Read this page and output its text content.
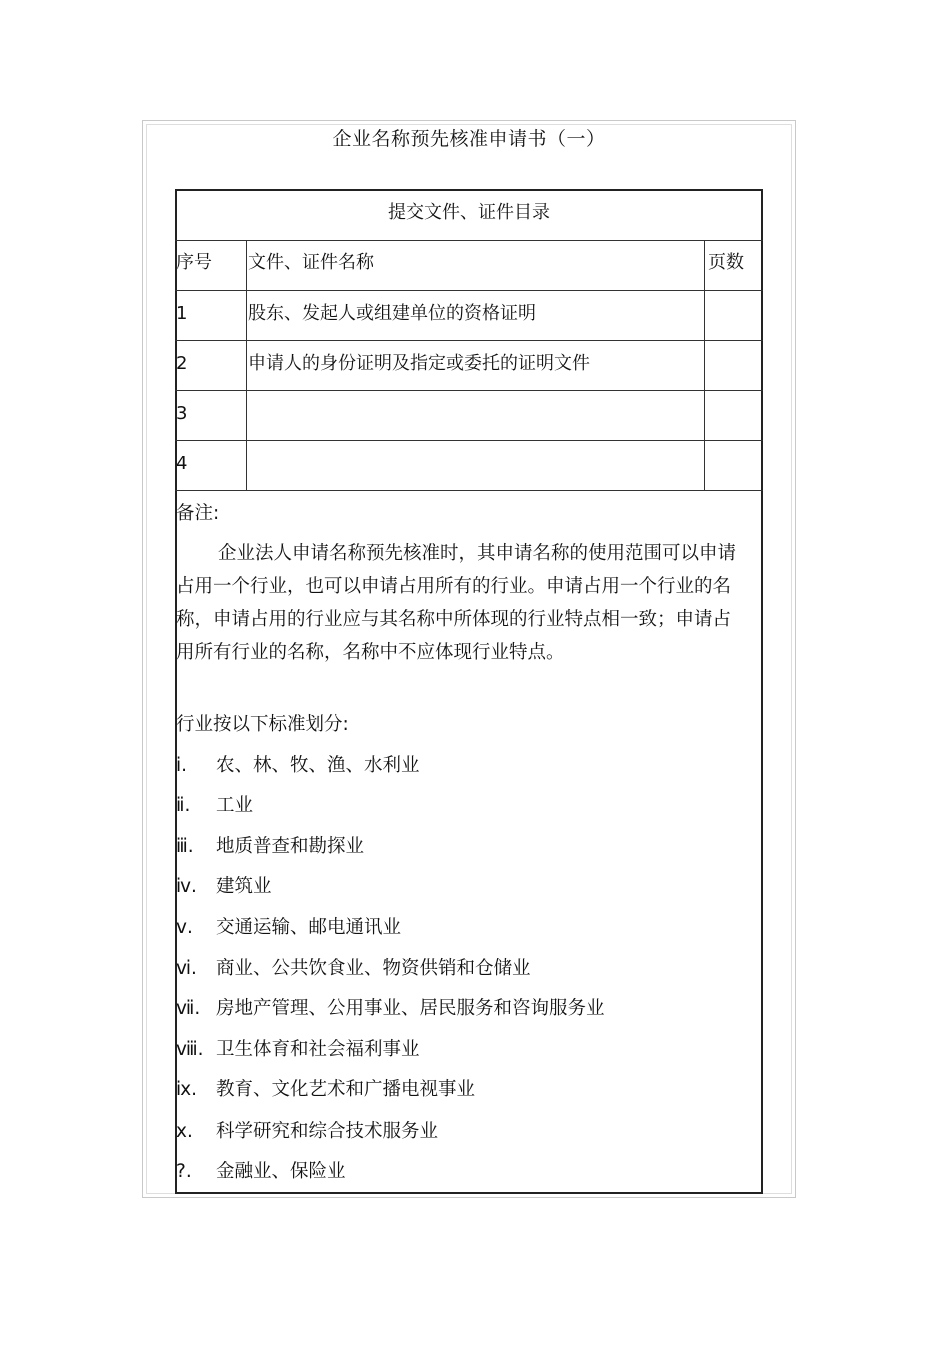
企业名称预先核准申请书（一）
提交文件、证件目录
序号 文件、证件名称	页数
1	股东、发起人或组建单位的资格证明
2	申请人的身份证明及指定或委托的证明文件
3
4
备注:
企业法人申请名称预先核准时，其申请名称的使用范围可以申请占用一个行业，也可以申请占用所有的行业。申请占用一个行业的名称，申请占用的行业应与其名称中所体现的行业特点相一致；申请占用所有行业的名称，名称中不应体现行业特点。
行业按以下标准划分:
ⅰ. 农、林、牧、渔、水利业
ⅱ. 工业
ⅲ. 地质普查和勘探业
ⅳ. 建筑业
ⅴ. 交通运输、邮电通讯业
ⅵ. 商业、公共饮食业、物资供销和仓储业
ⅶ. 房地产管理、公用事业、居民服务和咨询服务业
ⅷ. 卫生体育和社会福利事业
ⅸ. 教育、文化艺术和广播电视事业
ⅹ. 科学研究和综合技术服务业
?. 金融业、保险业
